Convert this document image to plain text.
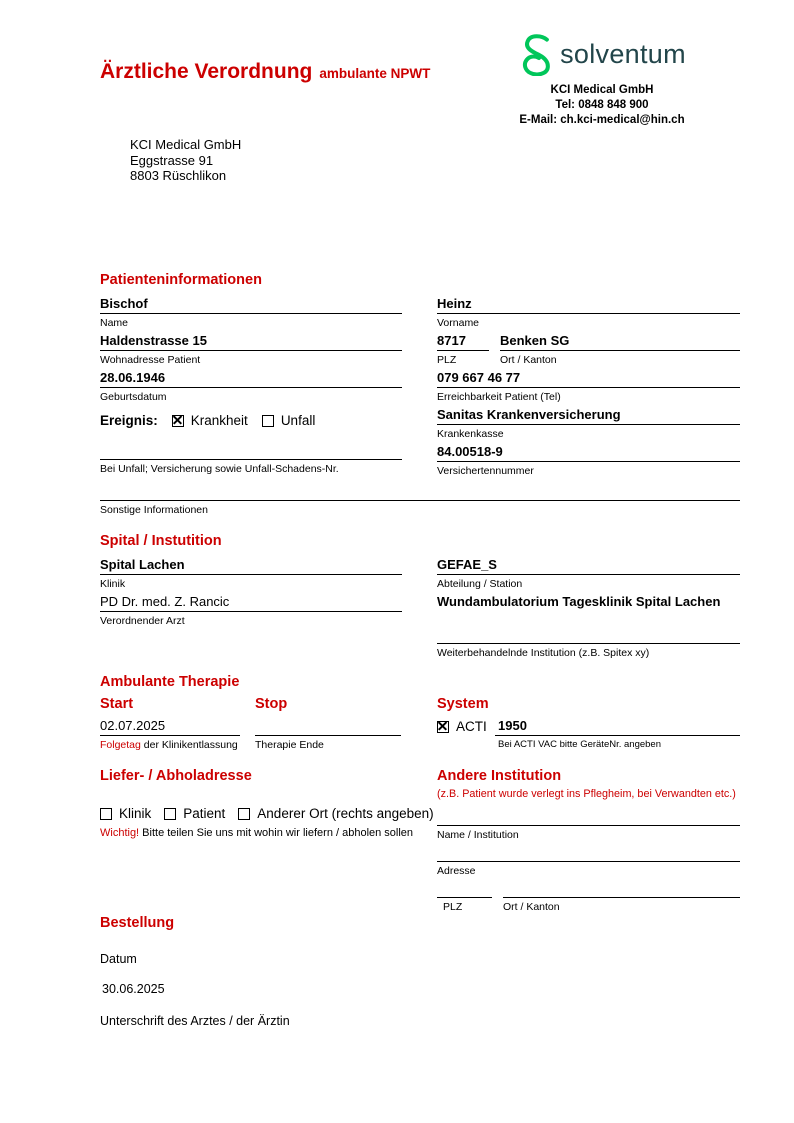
Ärztliche Verordnung ambulante NPWT
solventum
KCI Medical GmbH
Tel: 0848 848 900
E-Mail: ch.kci-medical@hin.ch
KCI Medical GmbH
Eggstrasse 91
8803 Rüschlikon
Patienteninformationen
Bischof
Name
Heinz
Vorname
Haldenstrasse 15
Wohnadresse Patient
8717
PLZ
Benken SG
Ort / Kanton
28.06.1946
Geburtsdatum
079 667 46 77
Erreichbarkeit Patient (Tel)
Ereignis: Krankheit Unfall	Sanitas Krankenversicherung
Krankenkasse
Bei Unfall; Versicherung sowie Unfall-Schadens-Nr.
84.00518-9
Versichertennummer
Sonstige Informationen
Spital / Instutition
Spital Lachen
Klinik
GEFAE_S
Abteilung / Station
PD Dr. med. Z. Rancic
Verordnender Arzt
Wundambulatorium Tagesklinik Spital Lachen
Weiterbehandelnde Institution (z.B. Spitex xy)
Ambulante Therapie
Start	Stop	System
02.07.2025
Folgetag der Klinikentlassung Therapie Ende
ACTI 1950
Bei ACTI VAC bitte GeräteNr. angeben
Liefer- / Abholadresse
Klinik Patient Anderer Ort (rechts angeben)
Wichtig! Bitte teilen Sie uns mit wohin wir liefern / abholen sollen
Andere Institution
(z.B. Patient wurde verlegt ins Pflegheim, bei Verwandten etc.)
Name / Institution
Adresse
PLZ	Ort / Kanton
Bestellung
Datum
30.06.2025
Unterschrift des Arztes / der Ärztin
